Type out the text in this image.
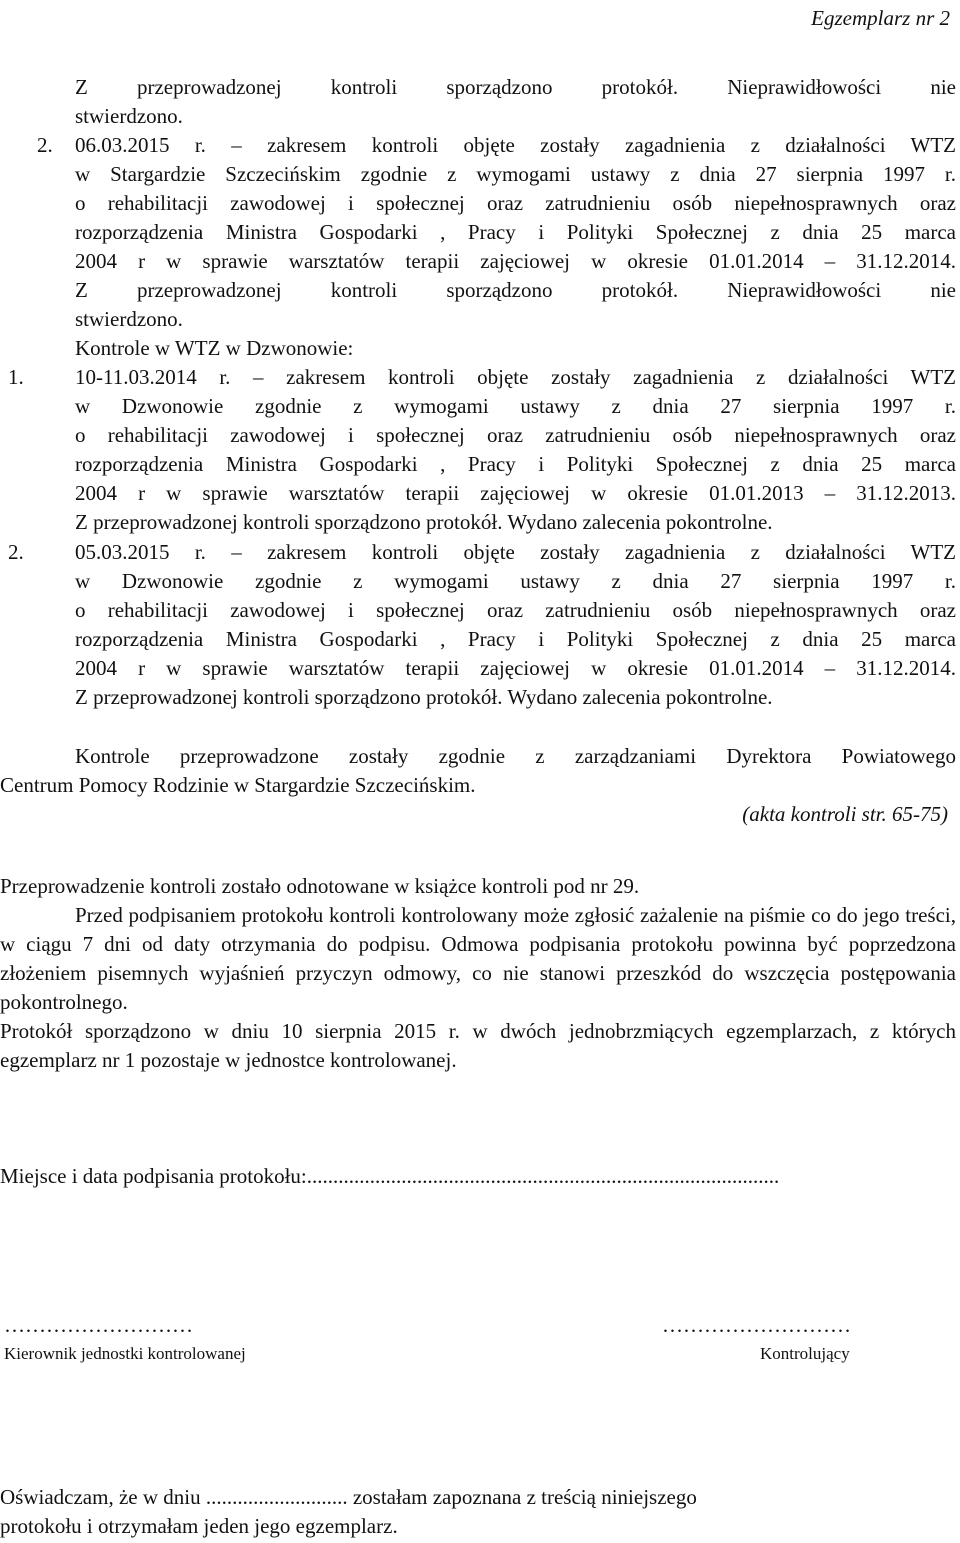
Egzemplarz nr 2
Z przeprowadzonej kontroli sporządzono protokół. Nieprawidłowości nie
stwierdzono.
2. 06.03.2015 r. – zakresem kontroli objęte zostały zagadnienia z działalności WTZ
w Stargardzie Szczecińskim zgodnie z wymogami ustawy z dnia 27 sierpnia 1997 r.
o rehabilitacji zawodowej i społecznej oraz zatrudnieniu osób niepełnosprawnych oraz
rozporządzenia Ministra Gospodarki , Pracy i Polityki Społecznej z dnia 25 marca
2004 r w sprawie warsztatów terapii zajęciowej w okresie 01.01.2014 – 31.12.2014.
Z przeprowadzonej kontroli sporządzono protokół. Nieprawidłowości nie
stwierdzono.
Kontrole w WTZ w Dzwonowie:
1. 10-11.03.2014 r. – zakresem kontroli objęte zostały zagadnienia z działalności WTZ
w Dzwonowie zgodnie z wymogami ustawy z dnia 27 sierpnia 1997 r.
o rehabilitacji zawodowej i społecznej oraz zatrudnieniu osób niepełnosprawnych oraz
rozporządzenia Ministra Gospodarki , Pracy i Polityki Społecznej z dnia 25 marca
2004 r w sprawie warsztatów terapii zajęciowej w okresie 01.01.2013 – 31.12.2013.
Z przeprowadzonej kontroli sporządzono protokół. Wydano zalecenia pokontrolne.
2. 05.03.2015 r. – zakresem kontroli objęte zostały zagadnienia z działalności WTZ
w Dzwonowie zgodnie z wymogami ustawy z dnia 27 sierpnia 1997 r.
o rehabilitacji zawodowej i społecznej oraz zatrudnieniu osób niepełnosprawnych oraz
rozporządzenia Ministra Gospodarki , Pracy i Polityki Społecznej z dnia 25 marca
2004 r w sprawie warsztatów terapii zajęciowej w okresie 01.01.2014 – 31.12.2014.
Z przeprowadzonej kontroli sporządzono protokół. Wydano zalecenia pokontrolne.
Kontrole przeprowadzone zostały zgodnie z zarządzaniami Dyrektora Powiatowego
Centrum Pomocy Rodzinie w Stargardzie Szczecińskim.
(akta kontroli str. 65-75)
Przeprowadzenie kontroli zostało odnotowane w książce kontroli pod nr 29.

Przed podpisaniem protokołu kontroli kontrolowany może zgłosić zażalenie na piśmie co do jego treści, w ciągu 7 dni od daty otrzymania do podpisu. Odmowa podpisania protokołu powinna być poprzedzona złożeniem pisemnych wyjaśnień przyczyn odmowy, co nie stanowi przeszkód do wszczęcia postępowania pokontrolnego.

Protokół sporządzono w dniu 10 sierpnia 2015 r. w dwóch jednobrzmiących egzemplarzach, z których egzemplarz nr 1 pozostaje w jednostce kontrolowanej.

Miejsce i data podpisania protokołu:..........................................................................................
………………………
Kierownik jednostki kontrolowanej
………………………
Kontrolujący
Oświadczam, że w dniu ........................... zostałam zapoznana z treścią niniejszego
protokołu i otrzymałam jeden jego egzemplarz.
